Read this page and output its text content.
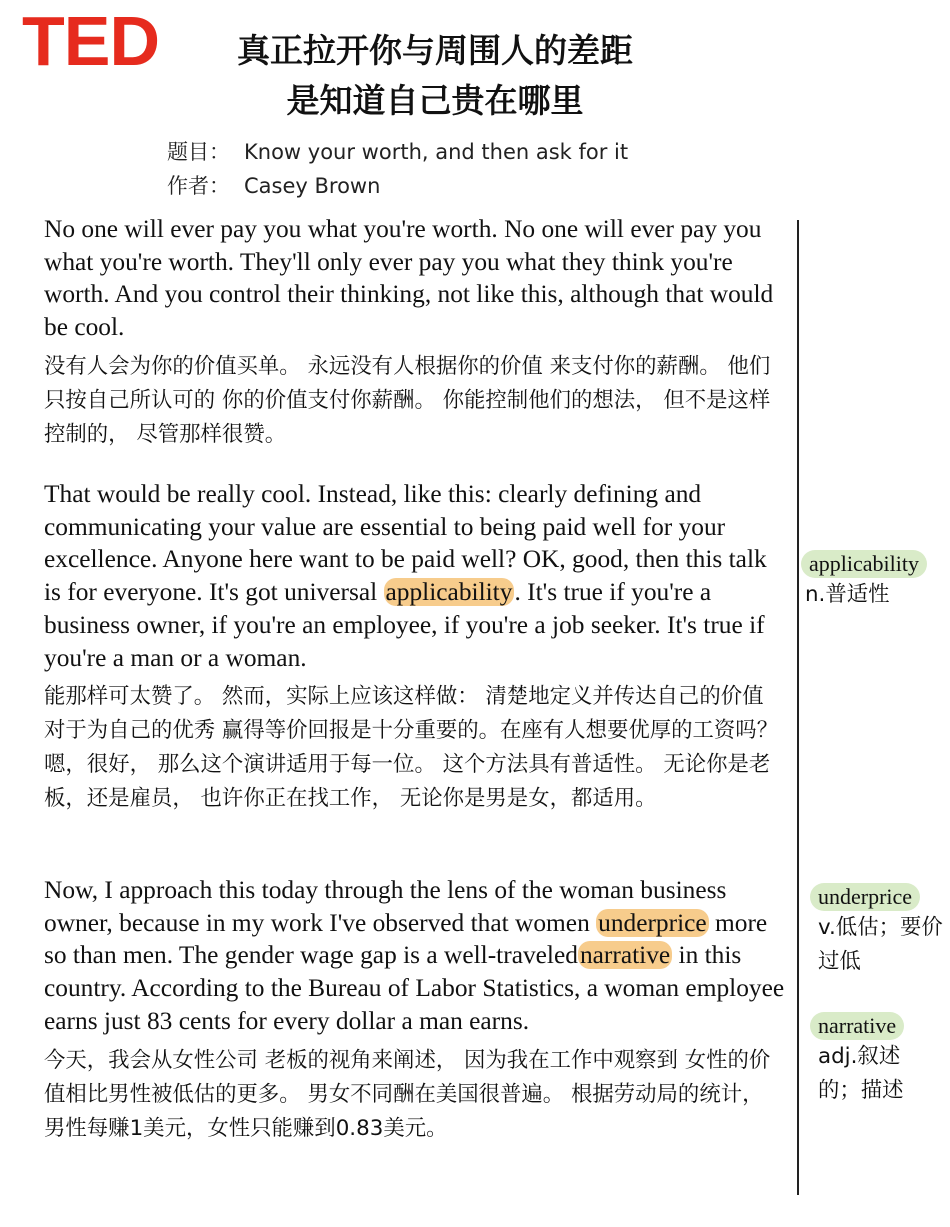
TED	真正拉开你与周围人的差距
是知道自己贵在哪里
题目： Know your worth, and then ask for it
作者： Casey Brown

No one will ever pay you what you're worth. No one will ever pay you what you're worth. They'll only ever pay you what they think you're worth. And you control their thinking, not like this, although that would be cool.

没有人会为你的价值买单。 永远没有人根据你的价值 来支付你的薪酬。 他们只按自己所认可的 你的价值支付你薪酬。 你能控制他们的想法， 但不是这样控制的， 尽管那样很赞。

That would be really cool. Instead, like this: clearly defining and communicating your value are essential to being paid well for your excellence. Anyone here want to be paid well? OK, good, then this talk is for everyone. It's got universal applicability. It's true if you're a business owner, if you're an employee, if you're a job seeker. It's true if you're a man or a woman.

能那样可太赞了。 然而，实际上应该这样做： 清楚地定义并传达自己的价值 对于为自己的优秀 赢得等价回报是十分重要的。在座有人想要优厚的工资吗？ 嗯，很好， 那么这个演讲适用于每一位。 这个方法具有普适性。 无论你是老板，还是雇员， 也许你正在找工作， 无论你是男是女，都适用。

Now, I approach this today through the lens of the woman business owner, because in my work I've observed that women underprice more so than men. The gender wage gap is a well-travelednarrative in this country. According to the Bureau of Labor Statistics, a woman employee earns just 83 cents for every dollar a man earns.

今天，我会从女性公司 老板的视角来阐述， 因为我在工作中观察到 女性的价值相比男性被低估的更多。 男女不同酬在美国很普遍。 根据劳动局的统计， 男性每赚1美元，女性只能赚到0.83美元。

applicability
n.普适性
underprice
v.低估；要价过低
narrative
adj.叙述的；描述
